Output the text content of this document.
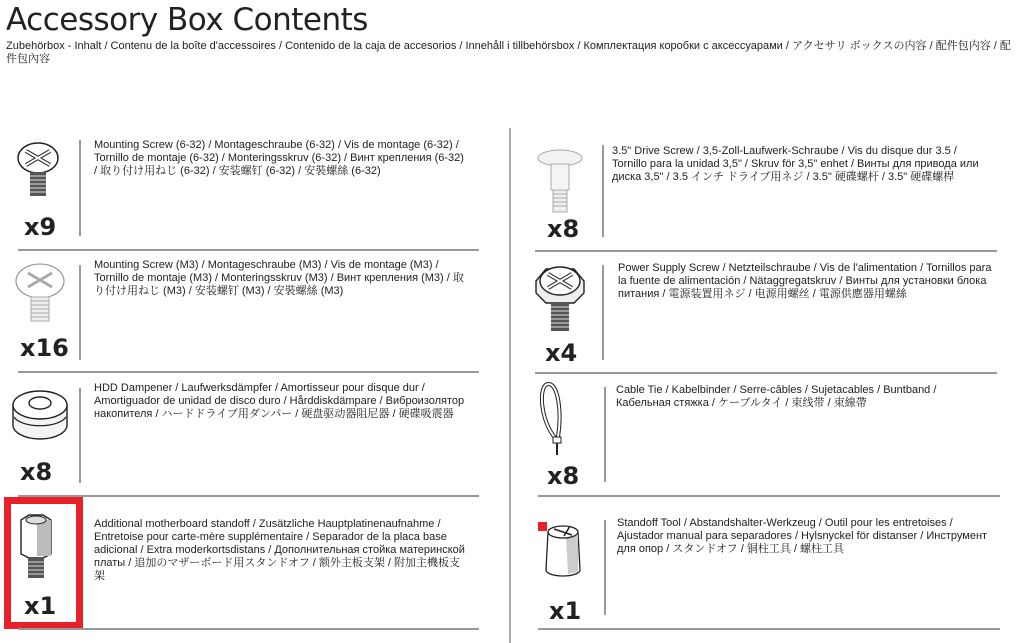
Accessory Box Contents
Zubehörbox - Inhalt / Contenu de la boîte d'accessoires / Contenido de la caja de accesorios / Innehåll i tillbehörsbox / Комплектация коробки с аксессуарами / アクセサリ ボックスの内容 / 配件包内容 / 配件包內容
x9
Mounting Screw (6-32) / Montageschraube (6-32) / Vis de montage (6-32) / Tornillo de montaje (6-32) / Monteringsskruv (6-32) / Винт крепления (6-32) / 取り付け用ねじ (6-32) / 安装螺钉 (6-32) / 安裝螺絲 (6-32)
x16
Mounting Screw (M3) / Montageschraube (M3) / Vis de montage (M3) / Tornillo de montaje (M3) / Monteringsskruv (M3) / Винт крепления (M3) / 取り付け用ねじ (M3) / 安装螺钉 (M3) / 安裝螺絲 (M3)
x8
HDD Dampener / Laufwerksdämpfer / Amortisseur pour disque dur / Amortiguador de unidad de disco duro / Hårddiskdämpare / Виброизолятор накопителя / ハードドライブ用ダンパー / 硬盘驱动器阻尼器 / 硬碟吸震器
x1
Additional motherboard standoff / Zusätzliche Hauptplatinenaufnahme / Entretoise pour carte-mère supplémentaire / Separador de la placa base adicional / Extra moderkortsdistans / Дополнительная стойка материнской платы / 追加のマザーボード用スタンドオフ / 额外主板支架 / 附加主機板支架
x8
3.5" Drive Screw / 3,5-Zoll-Laufwerk-Schraube / Vis du disque dur 3.5 / Tornillo para la unidad 3,5" / Skruv för 3,5" enhet / Винты для привода или диска 3,5" / 3.5 インチ ドライブ用ネジ / 3.5" 硬碟螺杆 / 3.5" 硬碟螺桿
x4
Power Supply Screw / Netzteilschraube / Vis de l'alimentation / Tornillos para la fuente de alimentación / Nätaggregatskruv / Винты для установки блока питания / 電源装置用ネジ / 电源用螺丝 / 電源供應器用螺絲
x8
Cable Tie / Kabelbinder / Serre-câbles / Sujetacables / Buntband / Кабельная стяжка / ケーブルタイ / 束线带 / 束線帶
x1
Standoff Tool / Abstandshalter-Werkzeug / Outil pour les entretoises / Ajustador manual para separadores / Hylsnyckel för distanser / Инструмент для опор / スタンドオフ / 铜柱工具 / 螺柱工具
